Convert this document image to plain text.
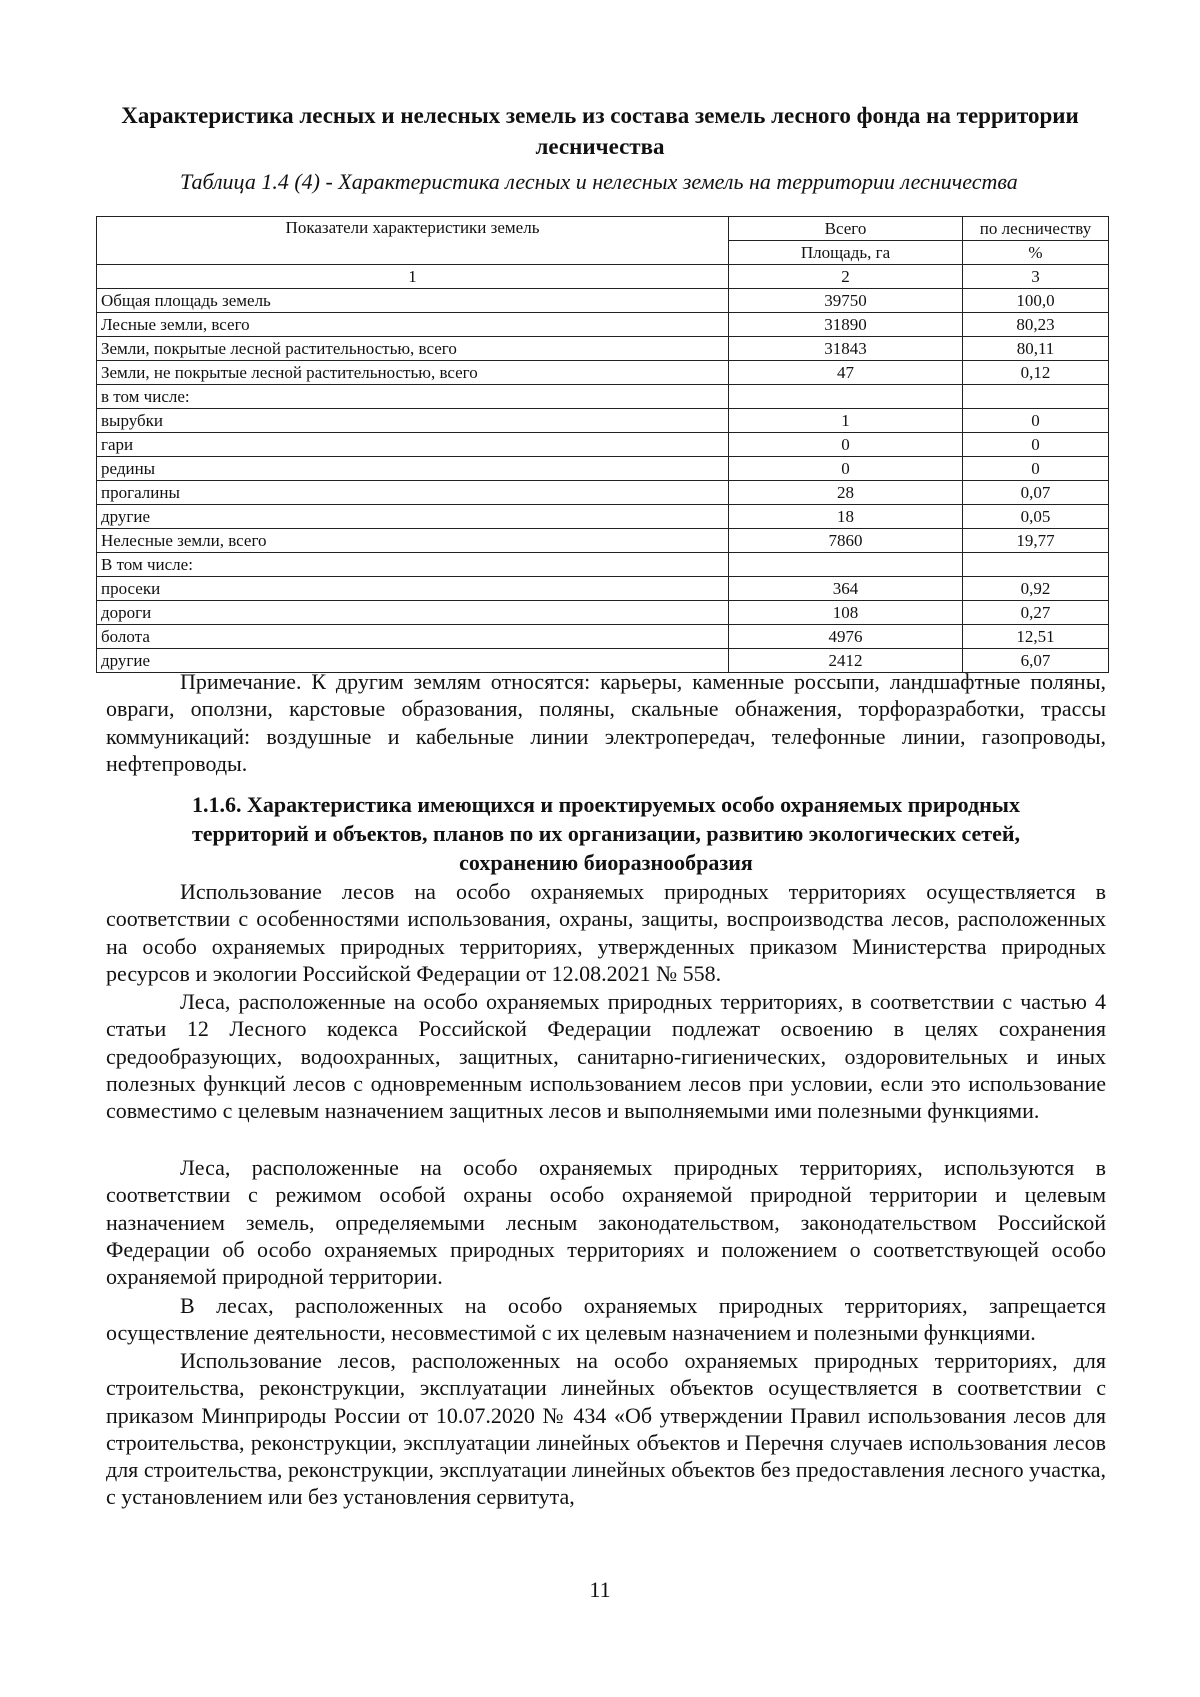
Характеристика лесных и нелесных земель из состава земель лесного фонда на территории
лесничества
Таблица 1.4 (4) - Характеристика лесных и нелесных земель на территории лесничества
Показатели характеристики земель	Всего	по лесничеству
	Площадь, га	%
1	2	3
Общая площадь земель	39750	100,0
Лесные земли, всего	31890	80,23
Земли, покрытые лесной растительностью, всего	31843	80,11
Земли, не покрытые лесной растительностью, всего	47	0,12
в том числе:		
вырубки	1	0
гари	0	0
редины	0	0
прогалины	28	0,07
другие	18	0,05
Нелесные земли, всего	7860	19,77
В том числе:		
просеки	364	0,92
дороги	108	0,27
болота	4976	12,51
другие	2412	6,07

Примечание. К другим землям относятся: карьеры, каменные россыпи, ландшафтные поляны, овраги, оползни, карстовые образования, поляны, скальные обнажения, торфоразработки, трассы коммуникаций: воздушные и кабельные линии электропередач, телефонные линии, газопроводы, нефтепроводы.

1.1.6. Характеристика имеющихся и проектируемых особо охраняемых природных
территорий и объектов, планов по их организации, развитию экологических сетей,
сохранению биоразнообразия

Использование лесов на особо охраняемых природных территориях осуществляется в соответствии с особенностями использования, охраны, защиты, воспроизводства лесов, расположенных на особо охраняемых природных территориях, утвержденных приказом Министерства природных ресурсов и экологии Российской Федерации от 12.08.2021 № 558.

Леса, расположенные на особо охраняемых природных территориях, в соответствии с частью 4 статьи 12 Лесного кодекса Российской Федерации подлежат освоению в целях сохранения средообразующих, водоохранных, защитных, санитарно-гигиенических, оздоровительных и иных полезных функций лесов с одновременным использованием лесов при условии, если это использование совместимо с целевым назначением защитных лесов и выполняемыми ими полезными функциями.

Леса, расположенные на особо охраняемых природных территориях, используются в соответствии с режимом особой охраны особо охраняемой природной территории и целевым назначением земель, определяемыми лесным законодательством, законодательством Российской Федерации об особо охраняемых природных территориях и положением о соответствующей особо охраняемой природной территории.

В лесах, расположенных на особо охраняемых природных территориях, запрещается осуществление деятельности, несовместимой с их целевым назначением и полезными функциями.

Использование лесов, расположенных на особо охраняемых природных территориях, для строительства, реконструкции, эксплуатации линейных объектов осуществляется в соответствии с приказом Минприроды России от 10.07.2020 № 434 «Об утверждении Правил использования лесов для строительства, реконструкции, эксплуатации линейных объектов и Перечня случаев использования лесов для строительства, реконструкции, эксплуатации линейных объектов без предоставления лесного участка, с установлением или без установления сервитута,

11
